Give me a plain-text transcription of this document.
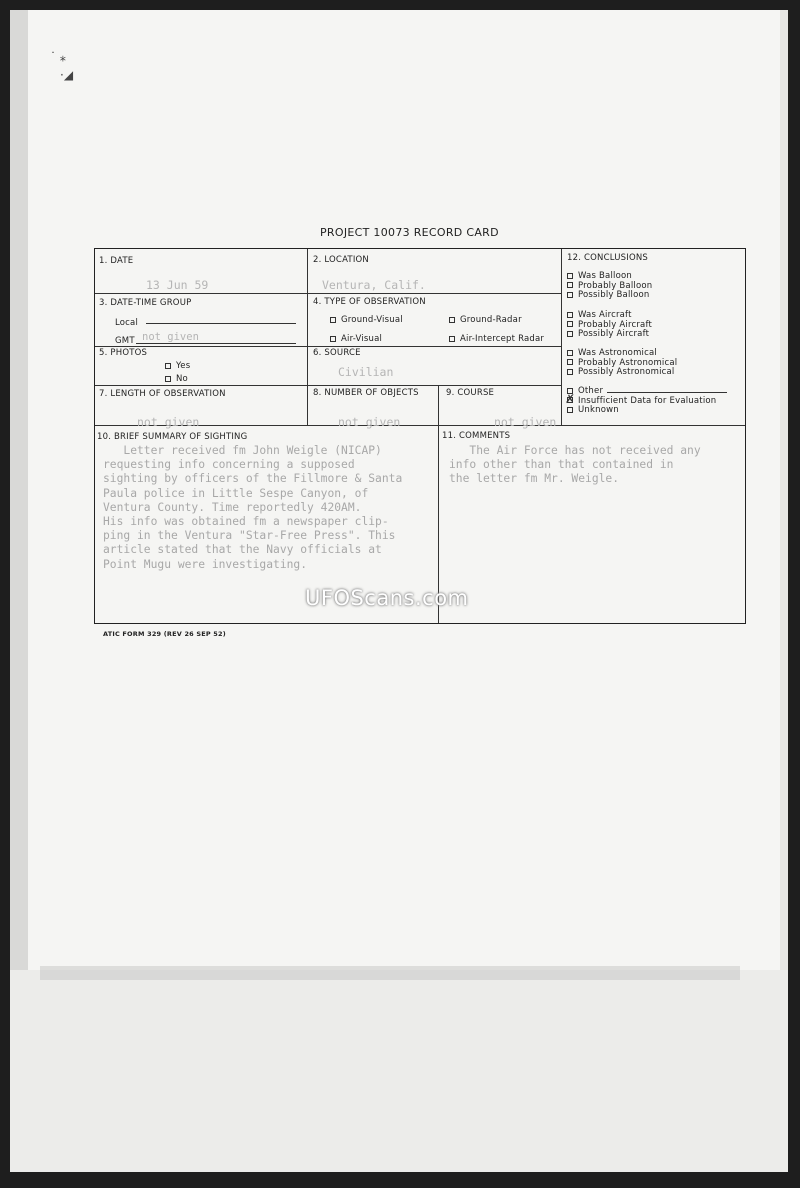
˙ ⁎
·◢
PROJECT 10073 RECORD CARD
1. DATE
13 Jun 59
2. LOCATION
Ventura, Calif.
3. DATE-TIME GROUP
Local
GMT not given
4. TYPE OF OBSERVATION
Ground-Visual	Ground-Radar
Air-Visual	Air-Intercept Radar
5. PHOTOS
Yes
No
6. SOURCE
Civilian
7. LENGTH OF OBSERVATION
not given
8. NUMBER OF OBJECTS
not given
9. COURSE
not given
10. BRIEF SUMMARY OF SIGHTING
Letter received fm John Weigle (NICAP)
requesting info concerning a supposed
sighting by officers of the Fillmore & Santa
Paula police in Little Sespe Canyon, of
Ventura County. Time reportedly 420AM.
His info was obtained fm a newspaper clip-
ping in the Ventura "Star-Free Press". This
article stated that the Navy officials at
Point Mugu were investigating.
11. COMMENTS
The Air Force has not received any
info other than that contained in
the letter fm Mr. Weigle.
12. CONCLUSIONS
Was Balloon
Probably Balloon
Possibly Balloon
Was Aircraft
Probably Aircraft
Possibly Aircraft
Was Astronomical
Probably Astronomical
Possibly Astronomical
Other
Insufficient Data for Evaluation
✗
Unknown
ATIC FORM 329 (REV 26 SEP 52)
UFOScans.com
